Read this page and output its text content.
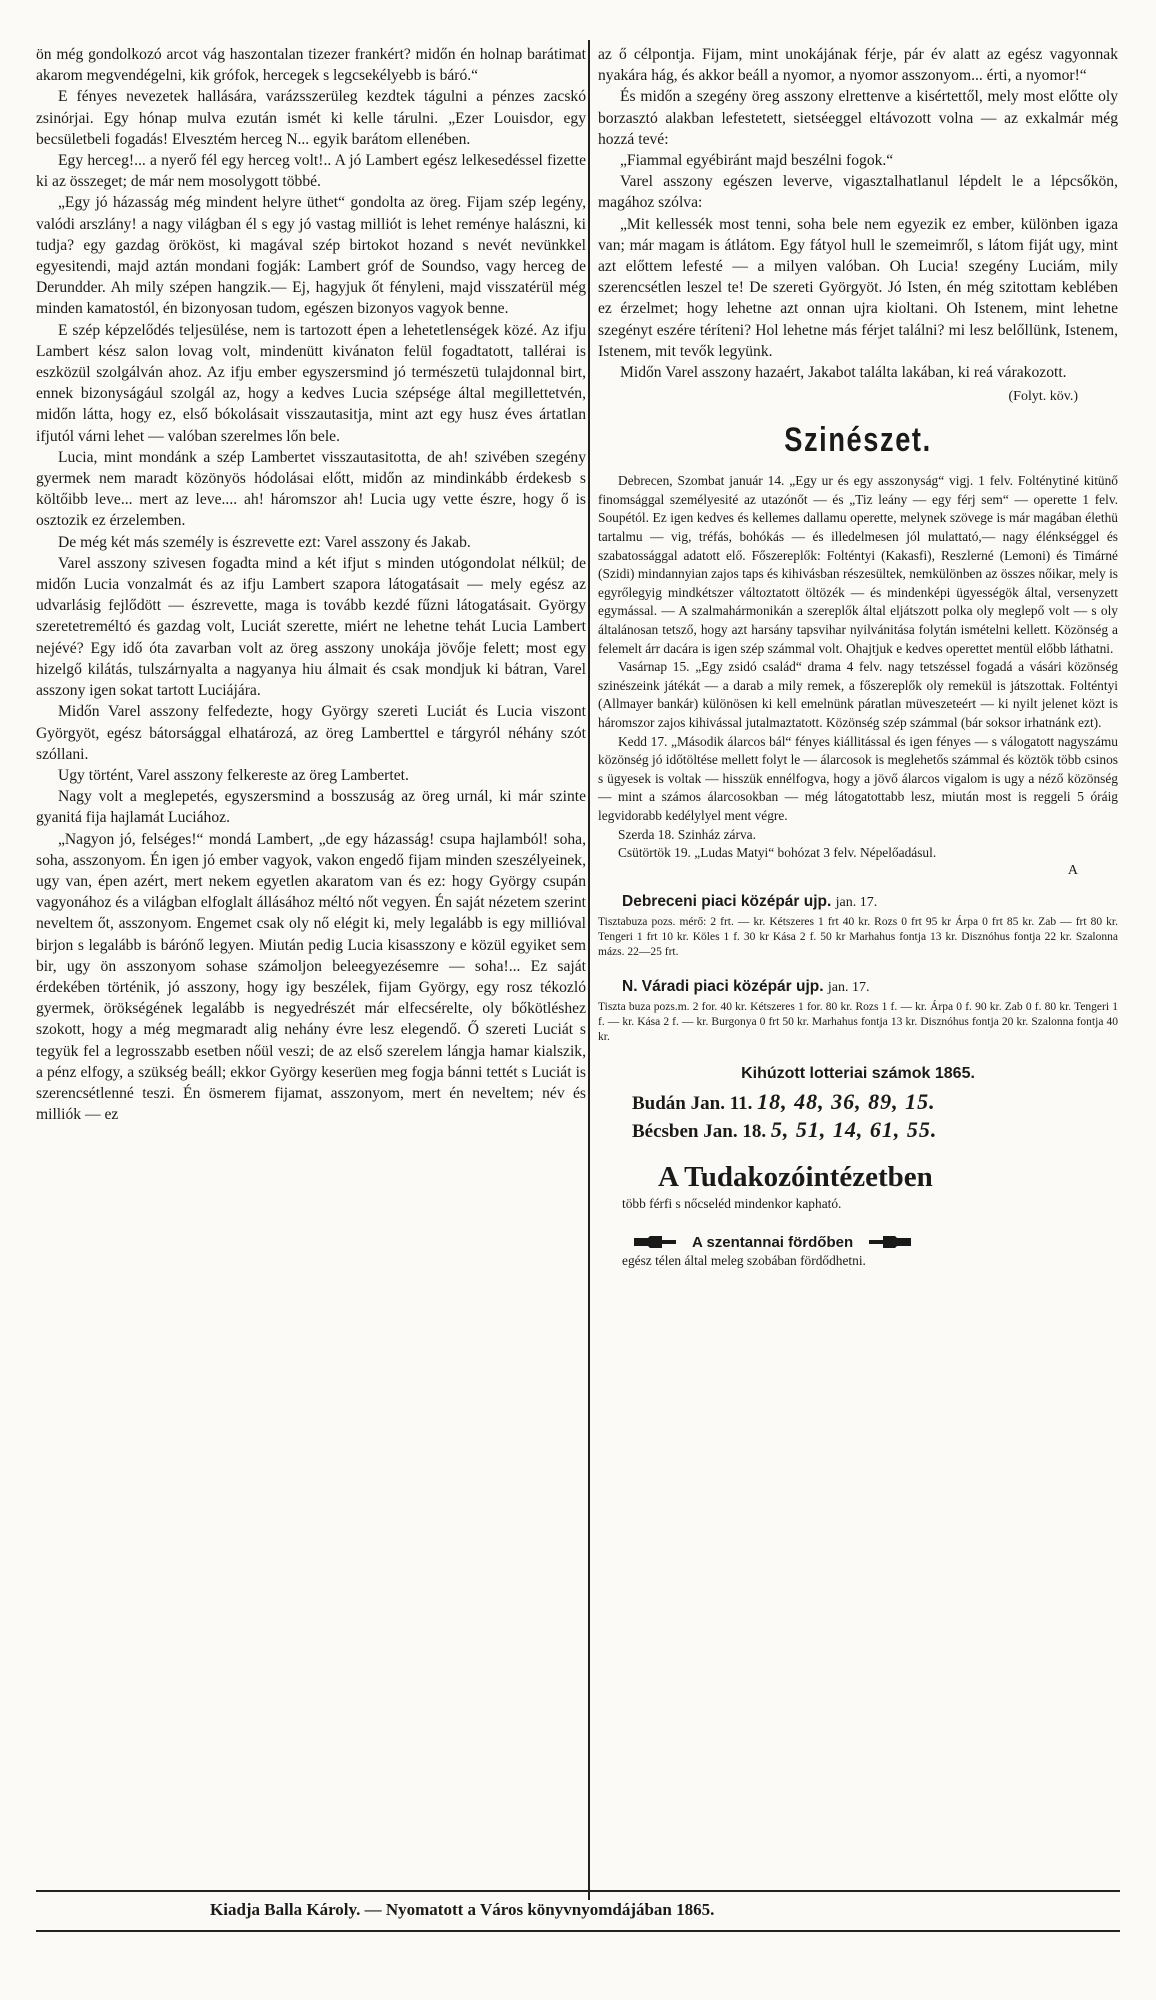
ön még gondolkozó arcot vág haszontalan tizezer frankért? midőn én holnap barátimat akarom megvendégelni, kik grófok, hercegek s legcsekélyebb is báró.“

E fényes nevezetek hallására, varázsszerüleg kezdtek tágulni a pénzes zacskó zsinórjai. Egy hónap mulva ezután ismét ki kelle tárulni. „Ezer Louisdor, egy becsületbeli fogadás! Elvesztém herceg N... egyik barátom ellenében.

Egy herceg!... a nyerő fél egy herceg volt!.. A jó Lambert egész lelkesedéssel fizette ki az összeget; de már nem mosolygott többé.

„Egy jó házasság még mindent helyre üthet“ gondolta az öreg. Fijam szép legény, valódi arszlány! a nagy világban él s egy jó vastag milliót is lehet reménye halászni, ki tudja? egy gazdag örököst, ki magával szép birtokot hozand s nevét nevünkkel egyesitendi, majd aztán mondani fogják: Lambert gróf de Soundso, vagy herceg de Derundder. Ah mily szépen hangzik.— Ej, hagyjuk őt fényleni, majd visszatérül még minden kamatostól, én bizonyosan tudom, egészen bizonyos vagyok benne.

E szép képzelődés teljesülése, nem is tartozott épen a lehetetlenségek közé. Az ifju Lambert kész salon lovag volt, mindenütt kivánaton felül fogadtatott, tallérai is eszközül szolgálván ahoz. Az ifju ember egyszersmind jó természetü tulajdonnal birt, ennek bizonyságául szolgál az, hogy a kedves Lucia szépsége által megillettetvén, midőn látta, hogy ez, első bókolásait visszautasitja, mint azt egy husz éves ártatlan ifjutól várni lehet — valóban szerelmes lőn bele.

Lucia, mint mondánk a szép Lambertet visszautasitotta, de ah! szivében szegény gyermek nem maradt közönyös hódolásai előtt, midőn az mindinkább érdekesb s költőibb leve... mert az leve.... ah! háromszor ah! Lucia ugy vette észre, hogy ő is osztozik ez érzelemben.

De még két más személy is észrevette ezt: Varel asszony és Jakab.

Varel asszony szivesen fogadta mind a két ifjut s minden utógondolat nélkül; de midőn Lucia vonzalmát és az ifju Lambert szapora látogatásait — mely egész az udvarlásig fejlődött — észrevette, maga is tovább kezdé fűzni látogatásait. György szeretetreméltó és gazdag volt, Luciát szerette, miért ne lehetne tehát Lucia Lambert nejévé? Egy idő óta zavarban volt az öreg asszony unokája jövője felett; most egy hizelgő kilátás, tulszárnyalta a nagyanya hiu álmait és csak mondjuk ki bátran, Varel asszony igen sokat tartott Luciájára.

Midőn Varel asszony felfedezte, hogy György szereti Luciát és Lucia viszont Györgyöt, egész bátorsággal elhatározá, az öreg Lamberttel e tárgyról néhány szót szóllani.

Ugy történt, Varel asszony felkereste az öreg Lambertet.

Nagy volt a meglepetés, egyszersmind a bosszuság az öreg urnál, ki már szinte gyanitá fija hajlamát Luciához.

„Nagyon jó, felséges!“ mondá Lambert, „de egy házasság! csupa hajlamból! soha, soha, asszonyom. Én igen jó ember vagyok, vakon engedő fijam minden szeszélyeinek, ugy van, épen azért, mert nekem egyetlen akaratom van és ez: hogy György csupán vagyonához és a világban elfoglalt állásához méltó nőt vegyen. Én saját nézetem szerint neveltem őt, asszonyom. Engemet csak oly nő elégit ki, mely legalább is egy millióval birjon s legalább is bárónő legyen. Miután pedig Lucia kisasszony e közül egyiket sem bir, ugy ön asszonyom sohase számoljon beleegyezésemre — soha!... Ez saját érdekében történik, jó asszony, hogy igy beszélek, fijam György, egy rosz tékozló gyermek, örökségének legalább is negyedrészét már elfecsérelte, oly bőkötléshez szokott, hogy a még megmaradt alig nehány évre lesz elegendő. Ő szereti Luciát s tegyük fel a legrosszabb esetben nőül veszi; de az első szerelem lángja hamar kialszik, a pénz elfogy, a szükség beáll; ekkor György keserüen meg fogja bánni tettét s Luciát is szerencsétlenné teszi. Én ösmerem fijamat, asszonyom, mert én neveltem; név és milliók — ez

az ő célpontja. Fijam, mint unokájának férje, pár év alatt az egész vagyonnak nyakára hág, és akkor beáll a nyomor, a nyomor asszonyom... érti, a nyomor!“

És midőn a szegény öreg asszony elrettenve a kisértettől, mely most előtte oly borzasztó alakban lefestetett, sietséeggel eltávozott volna — az exkalmár még hozzá tevé:

„Fiammal egyébiránt majd beszélni fogok.“

Varel asszony egészen leverve, vigasztalhatlanul lépdelt le a lépcsőkön, magához szólva:

„Mit kellessék most tenni, soha bele nem egyezik ez ember, különben igaza van; már magam is átlátom. Egy fátyol hull le szemeimről, s látom fiját ugy, mint azt előttem lefesté — a milyen valóban. Oh Lucia! szegény Luciám, mily szerencsétlen leszel te! De szereti Györgyöt. Jó Isten, én még szitottam keblében ez érzelmet; hogy lehetne azt onnan ujra kioltani. Oh Istenem, mint lehetne szegényt eszére téríteni? Hol lehetne más férjet találni? mi lesz belőllünk, Istenem, Istenem, mit tevők legyünk.

Midőn Varel asszony hazaért, Jakabot találta lakában, ki reá várakozott.

(Folyt. köv.)
Szinészet.

Debrecen, Szombat január 14. „Egy ur és egy asszonyság“ vigj. 1 felv. Folténytiné kitünő finomsággal személyesité az utazónőt — és „Tiz leány — egy férj sem“ — operette 1 felv. Soupétól. Ez igen kedves és kellemes dallamu operette, melynek szövege is már magában élethü tartalmu — vig, tréfás, bohókás — és illedelmesen jól mulattató,— nagy élénkséggel és szabatossággal adatott elő. Főszereplők: Folténtyi (Kakasfi), Reszlerné (Lemoni) és Timárné (Szidi) mindannyian zajos taps és kihivásban részesültek, nemkülönben az összes nőikar, mely is egyrőlegyig mindkétszer változtatott öltözék — és mindenképi ügyességök által, versenyzett egymással. — A szalmahármonikán a szereplők által eljátszott polka oly meglepő volt — s oly általánosan tetsző, hogy azt harsány tapsvihar nyilvánitása folytán ismételni kellett. Közönség a felemelt árr dacára is igen szép számmal volt. Ohajtjuk e kedves operettet mentül előbb láthatni.

Vasárnap 15. „Egy zsidó család“ drama 4 felv. nagy tetszéssel fogadá a vásári közönség szinészeink játékát — a darab a mily remek, a főszereplők oly remekül is játszottak. Folténtyi (Allmayer bankár) különösen ki kell emelnünk páratlan müveszeteért — ki nyilt jelenet közt is háromszor zajos kihivással jutalmaztatott. Közönség szép számmal (bár soksor irhatnánk ezt).

Kedd 17. „Második álarcos bál“ fényes kiállitással és igen fényes — s válogatott nagyszámu közönség jó időtöltése mellett folyt le — álarcosok is meglehetős számmal és köztök több csinos s ügyesek is voltak — hisszük ennélfogva, hogy a jövő álarcos vigalom is ugy a néző közönség — mint a számos álarcosokban — még látogatottabb lesz, miután most is reggeli 5 óráig legvidorabb kedélylyel ment végre.

Szerda 18. Szinház zárva.

Csütörtök 19. „Ludas Matyi“ bohózat 3 felv. Népelőadásul.

A
Debreceni piaci középár ujp. jan. 17.

Tisztabuza pozs. mérő: 2 frt. — kr. Kétszeres 1 frt 40 kr. Rozs 0 frt 95 kr Árpa 0 frt 85 kr. Zab — frt 80 kr. Tengeri 1 frt 10 kr. Köles 1 f. 30 kr Kása 2 f. 50 kr Marhahus fontja 13 kr. Disznóhus fontja 22 kr. Szalonna mázs. 22—25 frt.

N. Váradi piaci középár ujp. jan. 17.

Tiszta buza pozs.m. 2 for. 40 kr. Kétszeres 1 for. 80 kr. Rozs 1 f. — kr. Árpa 0 f. 90 kr. Zab 0 f. 80 kr. Tengeri 1 f. — kr. Kása 2 f. — kr. Burgonya 0 frt 50 kr. Marhahus fontja 13 kr. Disznóhus fontja 20 kr. Szalonna fontja 40 kr.

Kihúzott lotteriai számok 1865.
Budán Jan. 11. 18, 48, 36, 89, 15.
Bécsben Jan. 18. 5, 51, 14, 61, 55.
A Tudakozóintézetben
több férfi s nőcseléd mindenkor kapható.
A szentannai fördőben
egész télen által meleg szobában fördődhetni.
Kiadja Balla Károly. — Nyomatott a Város könyvnyomdájában 1865.
